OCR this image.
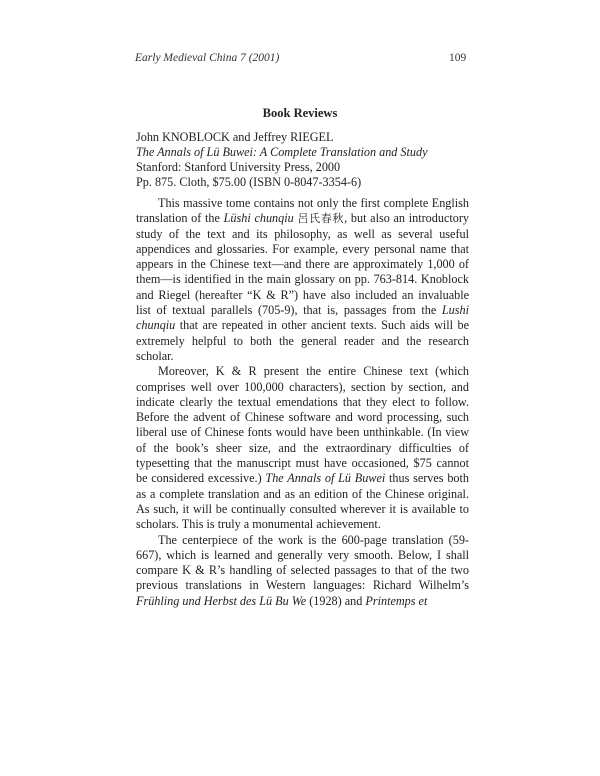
Early Medieval China 7 (2001)	109
Book Reviews
John KNOBLOCK and Jeffrey RIEGEL
The Annals of Lü Buwei: A Complete Translation and Study
Stanford: Stanford University Press, 2000
Pp. 875. Cloth, $75.00 (ISBN 0-8047-3354-6)

This massive tome contains not only the first complete English translation of the Lüshi chunqiu 呂氏春秋, but also an introductory study of the text and its philosophy, as well as several useful appendices and glossaries. For example, every personal name that appears in the Chinese text—and there are approximately 1,000 of them—is identified in the main glossary on pp. 763-814. Knoblock and Riegel (hereafter “K & R”) have also included an invaluable list of textual parallels (705-9), that is, passages from the Lushi chunqiu that are repeated in other ancient texts. Such aids will be extremely helpful to both the general reader and the research scholar.

Moreover, K & R present the entire Chinese text (which comprises well over 100,000 characters), section by section, and indicate clearly the textual emendations that they elect to follow. Before the advent of Chinese software and word processing, such liberal use of Chinese fonts would have been unthinkable. (In view of the book’s sheer size, and the extraordinary difficulties of typesetting that the manuscript must have occasioned, $75 cannot be considered excessive.) The Annals of Lü Buwei thus serves both as a complete translation and as an edition of the Chinese original. As such, it will be continually consulted wherever it is available to scholars. This is truly a monumental achievement.

The centerpiece of the work is the 600-page translation (59-667), which is learned and generally very smooth. Below, I shall compare K & R’s handling of selected passages to that of the two previous translations in Western languages: Richard Wilhelm’s Frühling und Herbst des Lü Bu We (1928) and Printemps et
